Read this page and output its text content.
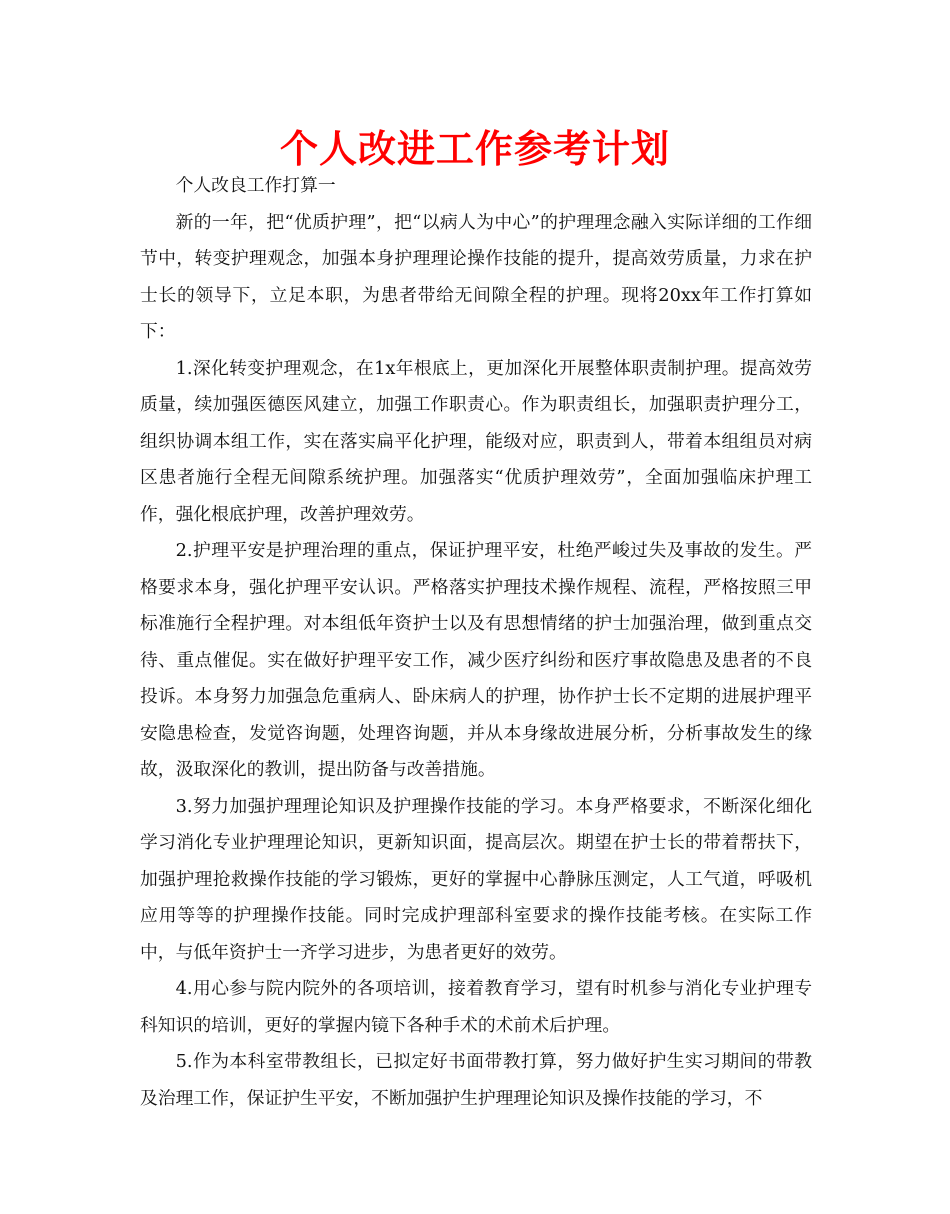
个人改进工作参考计划

个人改良工作打算一

新的一年，把“优质护理”，把“以病人为中心”的护理理念融入实际详细的工作细节中，转变护理观念，加强本身护理理论操作技能的提升，提高效劳质量，力求在护士长的领导下，立足本职，为患者带给无间隙全程的护理。现将20xx年工作打算如下：

1.深化转变护理观念，在1x年根底上，更加深化开展整体职责制护理。提高效劳质量，续加强医德医风建立，加强工作职责心。作为职责组长，加强职责护理分工，组织协调本组工作，实在落实扁平化护理，能级对应，职责到人，带着本组组员对病区患者施行全程无间隙系统护理。加强落实“优质护理效劳”，全面加强临床护理工作，强化根底护理，改善护理效劳。

2.护理平安是护理治理的重点，保证护理平安，杜绝严峻过失及事故的发生。严格要求本身，强化护理平安认识。严格落实护理技术操作规程、流程，严格按照三甲标准施行全程护理。对本组低年资护士以及有思想情绪的护士加强治理，做到重点交待、重点催促。实在做好护理平安工作，减少医疗纠纷和医疗事故隐患及患者的不良投诉。本身努力加强急危重病人、卧床病人的护理，协作护士长不定期的进展护理平安隐患检查，发觉咨询题，处理咨询题，并从本身缘故进展分析，分析事故发生的缘故，汲取深化的教训，提出防备与改善措施。

3.努力加强护理理论知识及护理操作技能的学习。本身严格要求，不断深化细化学习消化专业护理理论知识，更新知识面，提高层次。期望在护士长的带着帮扶下，加强护理抢救操作技能的学习锻炼，更好的掌握中心静脉压测定，人工气道，呼吸机应用等等的护理操作技能。同时完成护理部科室要求的操作技能考核。在实际工作中，与低年资护士一齐学习进步，为患者更好的效劳。

4.用心参与院内院外的各项培训，接着教育学习，望有时机参与消化专业护理专科知识的培训，更好的掌握内镜下各种手术的术前术后护理。

5.作为本科室带教组长，已拟定好书面带教打算，努力做好护生实习期间的带教及治理工作，保证护生平安，不断加强护生护理理论知识及操作技能的学习，不
